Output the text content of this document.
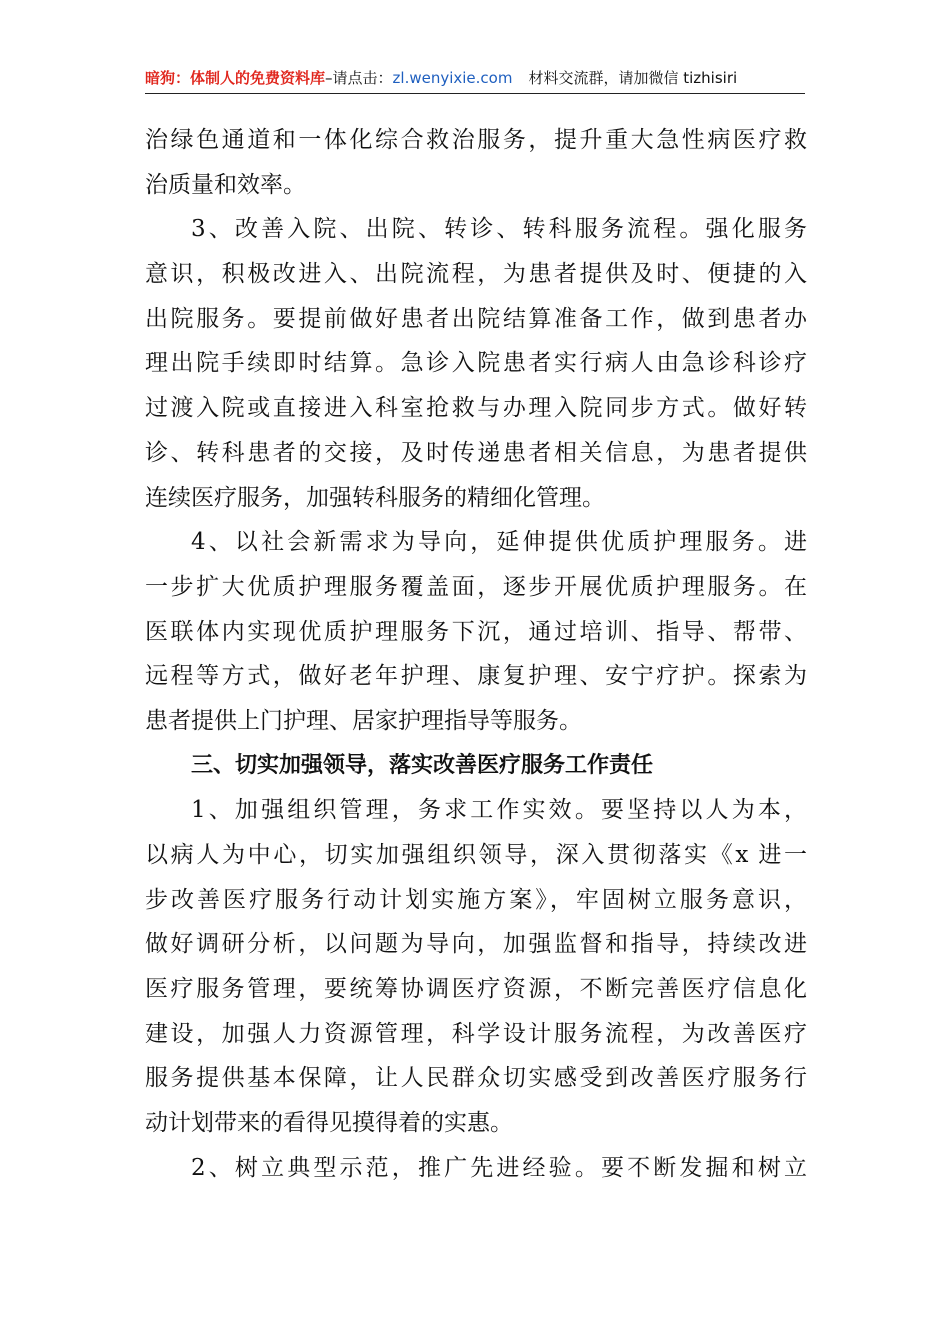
暗狗：体制人的免费资料库–请点击：zl.wenyixie.com 材料交流群，请加微信 tizhisiri
治绿色通道和一体化综合救治服务，提升重大急性病医疗救
治质量和效率。
3、改善入院、出院、转诊、转科服务流程。强化服务
意识，积极改进入、出院流程，为患者提供及时、便捷的入
出院服务。要提前做好患者出院结算准备工作，做到患者办
理出院手续即时结算。急诊入院患者实行病人由急诊科诊疗
过渡入院或直接进入科室抢救与办理入院同步方式。做好转
诊、转科患者的交接，及时传递患者相关信息，为患者提供
连续医疗服务，加强转科服务的精细化管理。
4、以社会新需求为导向，延伸提供优质护理服务。进
一步扩大优质护理服务覆盖面，逐步开展优质护理服务。在
医联体内实现优质护理服务下沉，通过培训、指导、帮带、
远程等方式，做好老年护理、康复护理、安宁疗护。探索为
患者提供上门护理、居家护理指导等服务。
三、切实加强领导，落实改善医疗服务工作责任
1、加强组织管理，务求工作实效。要坚持以人为本，
以病人为中心，切实加强组织领导，深入贯彻落实《x 进一
步改善医疗服务行动计划实施方案》，牢固树立服务意识，
做好调研分析，以问题为导向，加强监督和指导，持续改进
医疗服务管理，要统筹协调医疗资源，不断完善医疗信息化
建设，加强人力资源管理，科学设计服务流程，为改善医疗
服务提供基本保障，让人民群众切实感受到改善医疗服务行
动计划带来的看得见摸得着的实惠。
2、树立典型示范，推广先进经验。要不断发掘和树立
